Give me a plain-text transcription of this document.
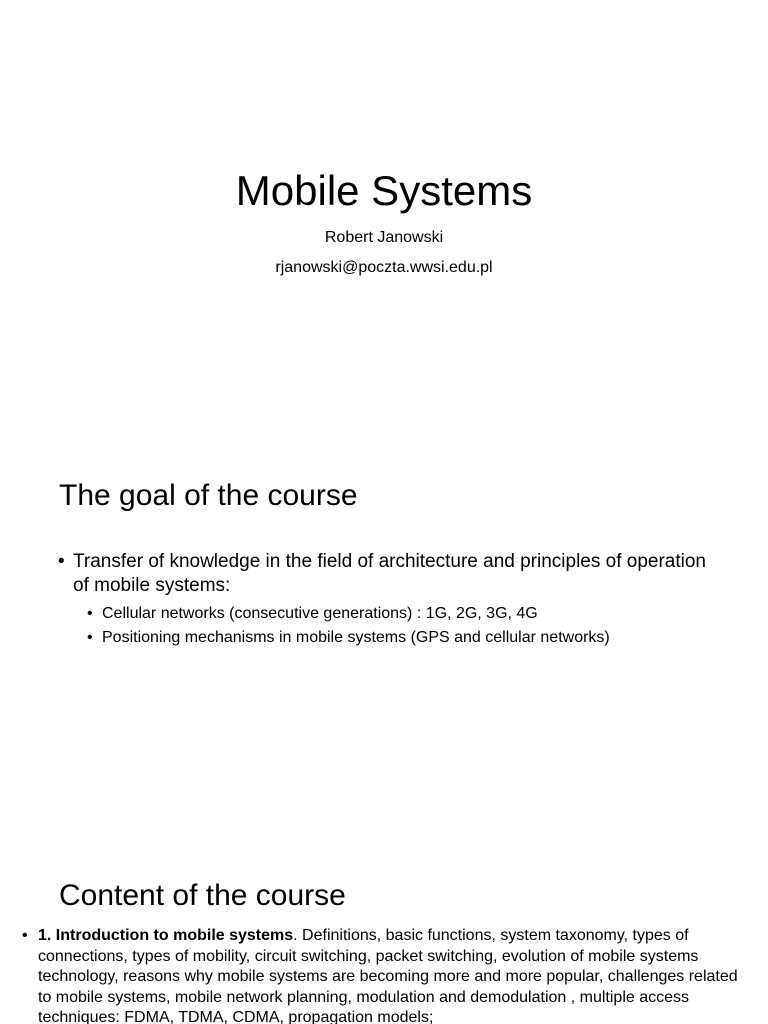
Mobile Systems
Robert Janowski
rjanowski@poczta.wwsi.edu.pl
The goal of the course
• Transfer of knowledge in the field of architecture and principles of operation of mobile systems:
• Cellular networks (consecutive generations) : 1G, 2G, 3G, 4G
• Positioning mechanisms in mobile systems (GPS and cellular networks)
Content of the course
• 1. Introduction to mobile systems. Definitions, basic functions, system taxonomy, types of connections, types of mobility, circuit switching, packet switching, evolution of mobile systems technology, reasons why mobile systems are becoming more and more popular, challenges related to mobile systems, mobile network planning, modulation and demodulation , multiple access techniques: FDMA, TDMA, CDMA, propagation models;
